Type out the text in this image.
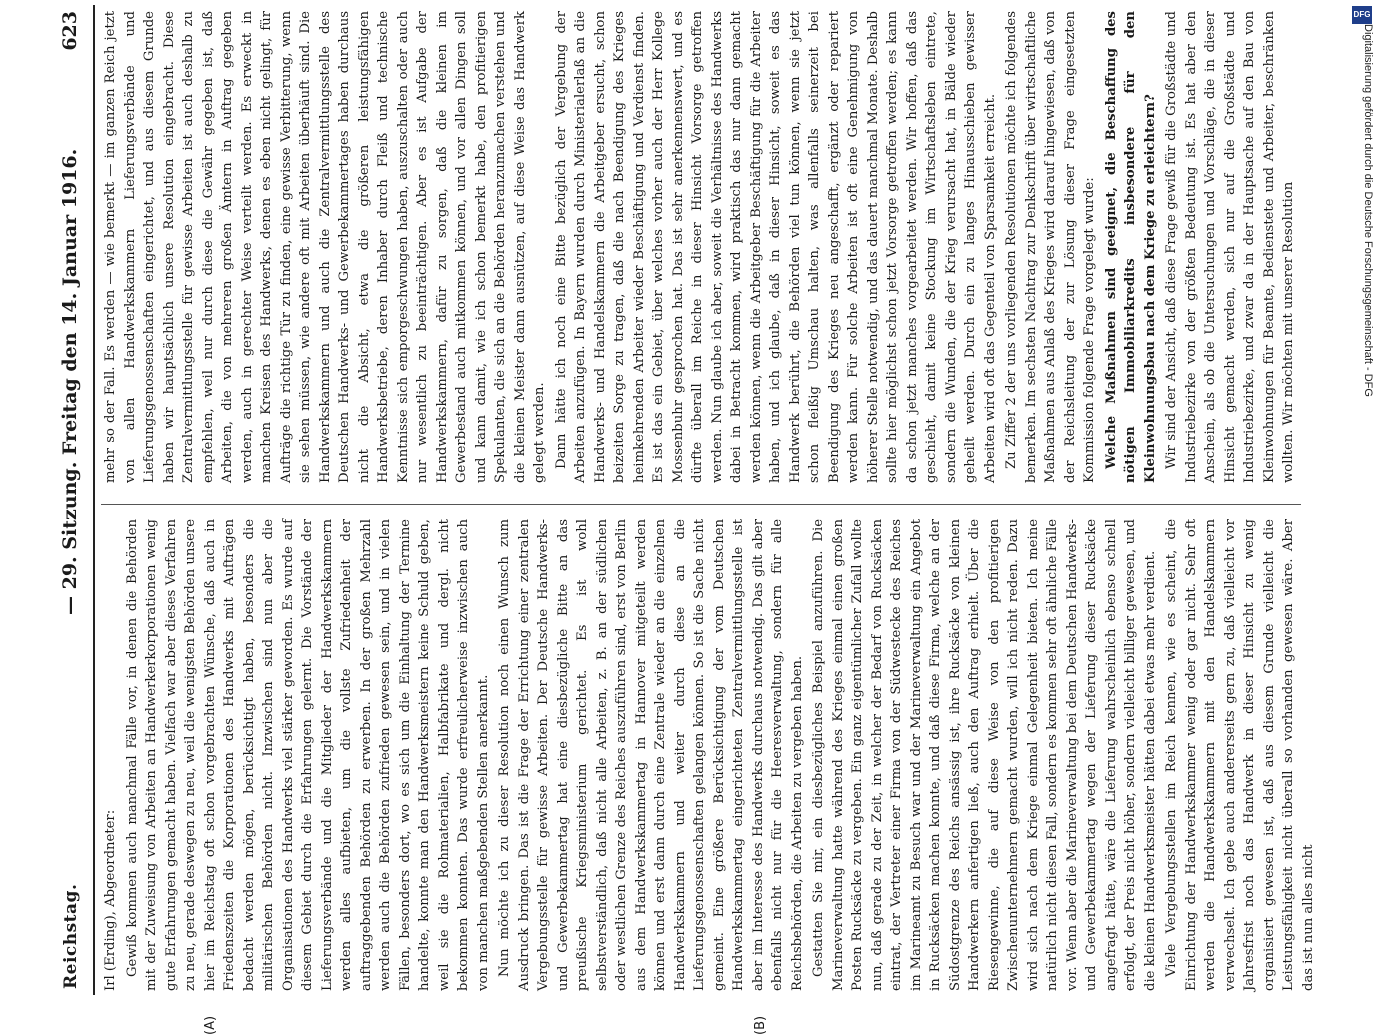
Reichstag.
— 29. Sitzung. Freitag den 14. Januar 1916.
623
(A)	(B)

Irl (Erding), Abgeordneter: Gewiß kommen auch manchmal Fälle vor, in denen die Behörden mit der Zuweisung von Arbeiten an Handwerkerkorporationen wenig gute Erfahrungen gemacht haben. Vielfach war aber dieses Verfahren zu neu, gerade deswegen zu neu, weil die wenigsten Behörden unsere hier im Reichstag oft schon vorgebrachten Wünsche, daß auch in Friedenszeiten die Korporationen des Handwerks mit Aufträgen bedacht werden mögen, berücksichtigt haben, besonders die militärischen Behörden nicht. Inzwischen sind nun aber die Organisationen des Handwerks viel stärker geworden. Es wurde auf diesem Gebiet durch die Erfahrungen gelernt. Die Vorstände der Lieferungsverbände und die Mitglieder der Handwerkskammern werden alles aufbieten, um die vollste Zufriedenheit der auftraggebenden Behörden zu erwerben. In der großen Mehrzahl werden auch die Behörden zufrieden gewesen sein, und in vielen Fällen, besonders dort, wo es sich um die Einhaltung der Termine handelte, konnte man den Handwerksmeistern keine Schuld geben, weil sie die Rohmaterialien, Halbfabrikate und dergl. nicht bekommen konnten. Das wurde erfreulicherweise inzwischen auch von manchen maßgebenden Stellen anerkannt. Nun möchte ich zu dieser Resolution noch einen Wunsch zum Ausdruck bringen. Das ist die Frage der Errichtung einer zentralen Vergebungsstelle für gewisse Arbeiten. Der Deutsche Handwerks- und Gewerbekammertag hat eine diesbezügliche Bitte an das preußische Kriegsministerium gerichtet. Es ist wohl selbstverständlich, daß nicht alle Arbeiten, z. B. an der südlichen oder westlichen Grenze des Reiches auszuführen sind, erst von Berlin aus dem Handwerkskammertag in Hannover mitgeteilt werden können und erst dann durch eine Zentrale wieder an die einzelnen Handwerkskammern und weiter durch diese an die Lieferungsgenossenschaften gelangen können. So ist die Sache nicht gemeint. Eine größere Berücksichtigung der vom Deutschen Handwerkskammertag eingerichteten Zentralvermittlungsstelle ist aber im Interesse des Handwerks durchaus notwendig. Das gilt aber ebenfalls nicht nur für die Heeresverwaltung, sondern für alle Reichsbehörden, die Arbeiten zu vergeben haben. Gestatten Sie mir, ein diesbezügliches Beispiel anzuführen. Die Marineverwaltung hatte während des Krieges einmal einen großen Posten Rucksäcke zu vergeben. Ein ganz eigentümlicher Zufall wollte nun, daß gerade zu der Zeit, in welcher der Bedarf von Rucksäcken eintrat, der Vertreter einer Firma von der Südwestecke des Reiches im Marineamt zu Besuch war und der Marineverwaltung ein Angebot in Rucksäcken machen konnte, und daß diese Firma, welche an der Südostgrenze des Reichs ansässig ist, ihre Rucksäcke von kleinen Handwerkern anfertigen ließ, auch den Auftrag erhielt. Über die Riesengewinne, die auf diese Weise von den profitierigen Zwischenunternehmern gemacht wurden, will ich nicht reden. Dazu wird sich nach dem Kriege einmal Gelegenheit bieten. Ich meine natürlich nicht diesen Fall, sondern es kommen sehr oft ähnliche Fälle vor. Wenn aber die Marineverwaltung bei dem Deutschen Handwerks- und Gewerbekammertag wegen der Lieferung dieser Rucksäcke angefragt hätte, wäre die Lieferung wahrscheinlich ebenso schnell erfolgt, der Preis nicht höher, sondern vielleicht billiger gewesen, und die kleinen Handwerksmeister hätten dabei etwas mehr verdient. Viele Vergebungsstellen im Reich kennen, wie es scheint, die Einrichtung der Handwerkskammer wenig oder gar nicht. Sehr oft werden die Handwerkskammern mit den Handelskammern verwechselt. Ich gebe auch andererseits gern zu, daß vielleicht vor Jahresfrist noch das Handwerk in dieser Hinsicht zu wenig organisiert gewesen ist, daß aus diesem Grunde vielleicht die Leistungsfähigkeit nicht überall so vorhanden gewesen wäre. Aber das ist nun alles nicht

mehr so der Fall. Es werden — wie bemerkt — im ganzen Reich jetzt von allen Handwerkskammern Lieferungsverbände und Lieferungsgenossenschaften eingerichtet, und aus diesem Grunde haben wir hauptsächlich unsere Resolution eingebracht. Diese Zentralvermittlungsstelle für gewisse Arbeiten ist auch deshalb zu empfehlen, weil nur durch diese die Gewähr gegeben ist, daß Arbeiten, die von mehreren großen Ämtern in Auftrag gegeben werden, auch in gerechter Weise verteilt werden. Es erweckt in manchen Kreisen des Handwerks, denen es eben nicht gelingt, für Aufträge die richtige Tür zu finden, eine gewisse Verbitterung, wenn sie sehen müssen, wie andere oft mit Arbeiten überhäuft sind. Die Handwerkskammern und auch die Zentralvermittlungsstelle des Deutschen Handwerks- und Gewerbekammertages haben durchaus nicht die Absicht, etwa die größeren leistungsfähigen Handwerksbetriebe, deren Inhaber durch Fleiß und technische Kenntnisse sich emporgeschwungen haben, auszuschalten oder auch nur wesentlich zu beeinträchtigen. Aber es ist Aufgabe der Handwerkskammern, dafür zu sorgen, daß die kleinen im Gewerbestand auch mitkommen können, und vor allen Dingen soll und kann damit, wie ich schon bemerkt habe, den profitierigen Spekulanten, die sich an die Behörden heranzumachen verstehen und die kleinen Meister dann ausnützen, auf diese Weise das Handwerk gelegt werden. Dann hätte ich noch eine Bitte bezüglich der Vergebung der Arbeiten anzufügen. In Bayern wurden durch Ministerialerlaß an die Handwerks- und Handelskammern die Arbeitgeber ersucht, schon beizeiten Sorge zu tragen, daß die nach Beendigung des Krieges heimkehrenden Arbeiter wieder Beschäftigung und Verdienst finden. Es ist das ein Gebiet, über welches vorher auch der Herr Kollege Mossenbuhr gesprochen hat. Das ist sehr anerkennenswert, und es dürfte überall im Reiche in dieser Hinsicht Vorsorge getroffen werden. Nun glaube ich aber, soweit die Verhältnisse des Handwerks dabei in Betracht kommen, wird praktisch das nur dann gemacht werden können, wenn die Arbeitgeber Beschäftigung für die Arbeiter haben, und ich glaube, daß in dieser Hinsicht, soweit es das Handwerk berührt, die Behörden viel tun können, wenn sie jetzt schon fleißig Umschau halten, was allenfalls seinerzeit bei Beendigung des Krieges neu angeschafft, ergänzt oder repariert werden kann. Für solche Arbeiten ist oft eine Genehmigung von höherer Stelle notwendig, und das dauert manchmal Monate. Deshalb sollte hier möglichst schon jetzt Vorsorge getroffen werden; es kann da schon jetzt manches vorgearbeitet werden. Wir hoffen, daß das geschieht, damit keine Stockung im Wirtschaftsleben eintrete, sondern die Wunden, die der Krieg verursacht hat, in Bälde wieder geheilt werden. Durch ein zu langes Hinausschieben gewisser Arbeiten wird oft das Gegenteil von Sparsamkeit erreicht. Zu Ziffer 2 der uns vorliegenden Resolutionen möchte ich folgendes bemerken. Im sechsten Nachtrag zur Denkschrift über wirtschaftliche Maßnahmen aus Anlaß des Krieges wird darauf hingewiesen, daß von der Reichsleitung der zur Lösung dieser Frage eingesetzten Kommission folgende Frage vorgelegt wurde: Welche Maßnahmen sind geeignet, die Beschaffung des nötigen Immobiliarkredits insbesondere für den Kleinwohnungsbau nach dem Kriege zu erleichtern? Wir sind der Ansicht, daß diese Frage gewiß für die Großstädte und Industriebezirke von der größten Bedeutung ist. Es hat aber den Anschein, als ob die Untersuchungen und Vorschläge, die in dieser Hinsicht gemacht werden, sich nur auf die Großstädte und Industriebezirke, und zwar da in der Hauptsache auf den Bau von Kleinwohnungen für Beamte, Bedienstete und Arbeiter, beschränken wollten. Wir möchten mit unserer Resolution

DFG
Digitalisierung gefördert durch die Deutsche Forschungsgemeinschaft - DFG
